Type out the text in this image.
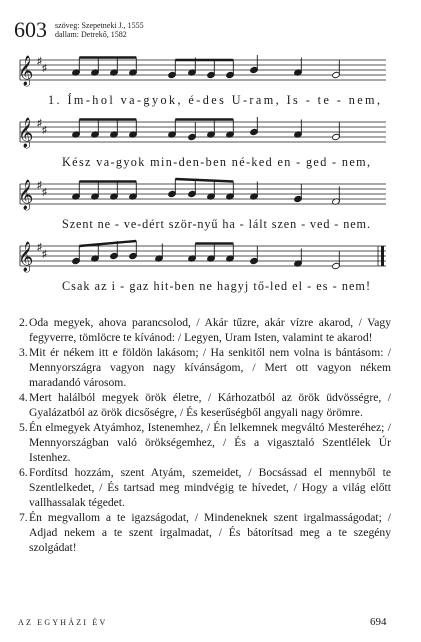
603 szöveg: Szepetneki J., 1555
dallam: Detrekő, 1582
𝄞 ♯
♯
1. Ím-hol va-gyok, é-des U-ram, Is - te - nem,
𝄞 ♯
♯
Kész va-gyok min-den-ben né-ked en - ged - nem,
𝄞 ♯
♯
Szent ne - ve-dért ször-nyű ha - lált szen - ved - nem.
𝄞 ♯
♯
Csak az i - gaz hit-ben ne hagyj tő-led el - es - nem!
2. Oda megyek, ahova parancsolod, / Akár tűzre, akár vízre akarod, / Vagy fegyverre, tömlöcre te kívánod: / Legyen, Uram Isten, valamint te akarod!
3. Mit ér nékem itt e földön lakásom; / Ha senkitől nem volna is bántásom: / Mennyországra vagyon nagy kívánságom, / Mert ott vagyon nékem maradandó városom.
4. Mert halálból megyek örök életre, / Kárhozatból az örök üdvösségre, / Gyalázatból az örök dicsőségre, / És keserűségből angyali nagy örömre.
5. Én elmegyek Atyámhoz, Istenemhez, / Én lelkemnek megváltó Mesteréhez; / Mennyországban való örökségemhez, / És a vigasztaló Szentlélek Úr Istenhez.
6. Fordítsd hozzám, szent Atyám, szemeidet, / Bocsássad el mennyből te Szentlelkedet, / És tartsad meg mindvégig te hívedet, / Hogy a világ előtt vallhassalak tégedet.
7. Én megvallom a te igazságodat, / Mindeneknek szent irgalmasságodat; / Adjad nekem a te szent irgalmadat, / És bátorítsad meg a te szegény szolgádat!
AZ EGYHÁZI ÉV	694
